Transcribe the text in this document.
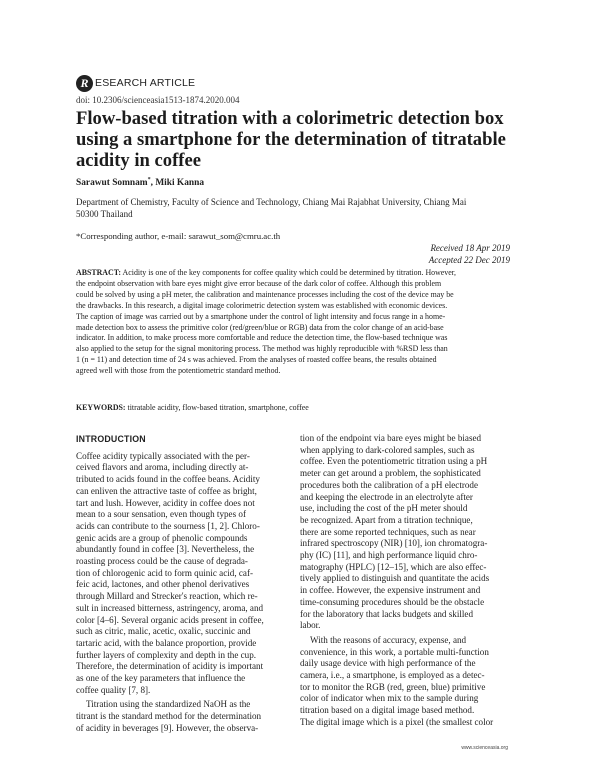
R ESEARCH ARTICLE
doi: 10.2306/scienceasia1513-1874.2020.004
Flow-based titration with a colorimetric detection box
using a smartphone for the determination of titratable
acidity in coffee
Sarawut Somnam*, Miki Kanna
Department of Chemistry, Faculty of Science and Technology, Chiang Mai Rajabhat University, Chiang Mai
50300 Thailand
*Corresponding author, e-mail: sarawut_som@cmru.ac.th
Received 18 Apr 2019
Accepted 22 Dec 2019
ABSTRACT: Acidity is one of the key components for coffee quality which could be determined by titration. However,
the endpoint observation with bare eyes might give error because of the dark color of coffee. Although this problem
could be solved by using a pH meter, the calibration and maintenance processes including the cost of the device may be
the drawbacks. In this research, a digital image colorimetric detection system was established with economic devices.
The caption of image was carried out by a smartphone under the control of light intensity and focus range in a home-
made detection box to assess the primitive color (red/green/blue or RGB) data from the color change of an acid-base
indicator. In addition, to make process more comfortable and reduce the detection time, the flow-based technique was
also applied to the setup for the signal monitoring process. The method was highly reproducible with %RSD less than
1 (n = 11) and detection time of 24 s was achieved. From the analyses of roasted coffee beans, the results obtained
agreed well with those from the potentiometric standard method.
KEYWORDS: titratable acidity, flow-based titration, smartphone, coffee
INTRODUCTION
Coffee acidity typically associated with the per-
ceived flavors and aroma, including directly at-
tributed to acids found in the coffee beans. Acidity
can enliven the attractive taste of coffee as bright,
tart and lush. However, acidity in coffee does not
mean to a sour sensation, even though types of
acids can contribute to the sourness [1, 2]. Chloro-
genic acids are a group of phenolic compounds
abundantly found in coffee [3]. Nevertheless, the
roasting process could be the cause of degrada-
tion of chlorogenic acid to form quinic acid, caf-
feic acid, lactones, and other phenol derivatives
through Millard and Strecker's reaction, which re-
sult in increased bitterness, astringency, aroma, and
color [4–6]. Several organic acids present in coffee,
such as citric, malic, acetic, oxalic, succinic and
tartaric acid, with the balance proportion, provide
further layers of complexity and depth in the cup.
Therefore, the determination of acidity is important
as one of the key parameters that influence the
coffee quality [7, 8].
Titration using the standardized NaOH as the
titrant is the standard method for the determination
of acidity in beverages [9]. However, the observa-
tion of the endpoint via bare eyes might be biased
when applying to dark-colored samples, such as
coffee. Even the potentiometric titration using a pH
meter can get around a problem, the sophisticated
procedures both the calibration of a pH electrode
and keeping the electrode in an electrolyte after
use, including the cost of the pH meter should
be recognized. Apart from a titration technique,
there are some reported techniques, such as near
infrared spectroscopy (NIR) [10], ion chromatogra-
phy (IC) [11], and high performance liquid chro-
matography (HPLC) [12–15], which are also effec-
tively applied to distinguish and quantitate the acids
in coffee. However, the expensive instrument and
time-consuming procedures should be the obstacle
for the laboratory that lacks budgets and skilled
labor.
With the reasons of accuracy, expense, and
convenience, in this work, a portable multi-function
daily usage device with high performance of the
camera, i.e., a smartphone, is employed as a detec-
tor to monitor the RGB (red, green, blue) primitive
color of indicator when mix to the sample during
titration based on a digital image based method.
The digital image which is a pixel (the smallest color
www.scienceasia.org
